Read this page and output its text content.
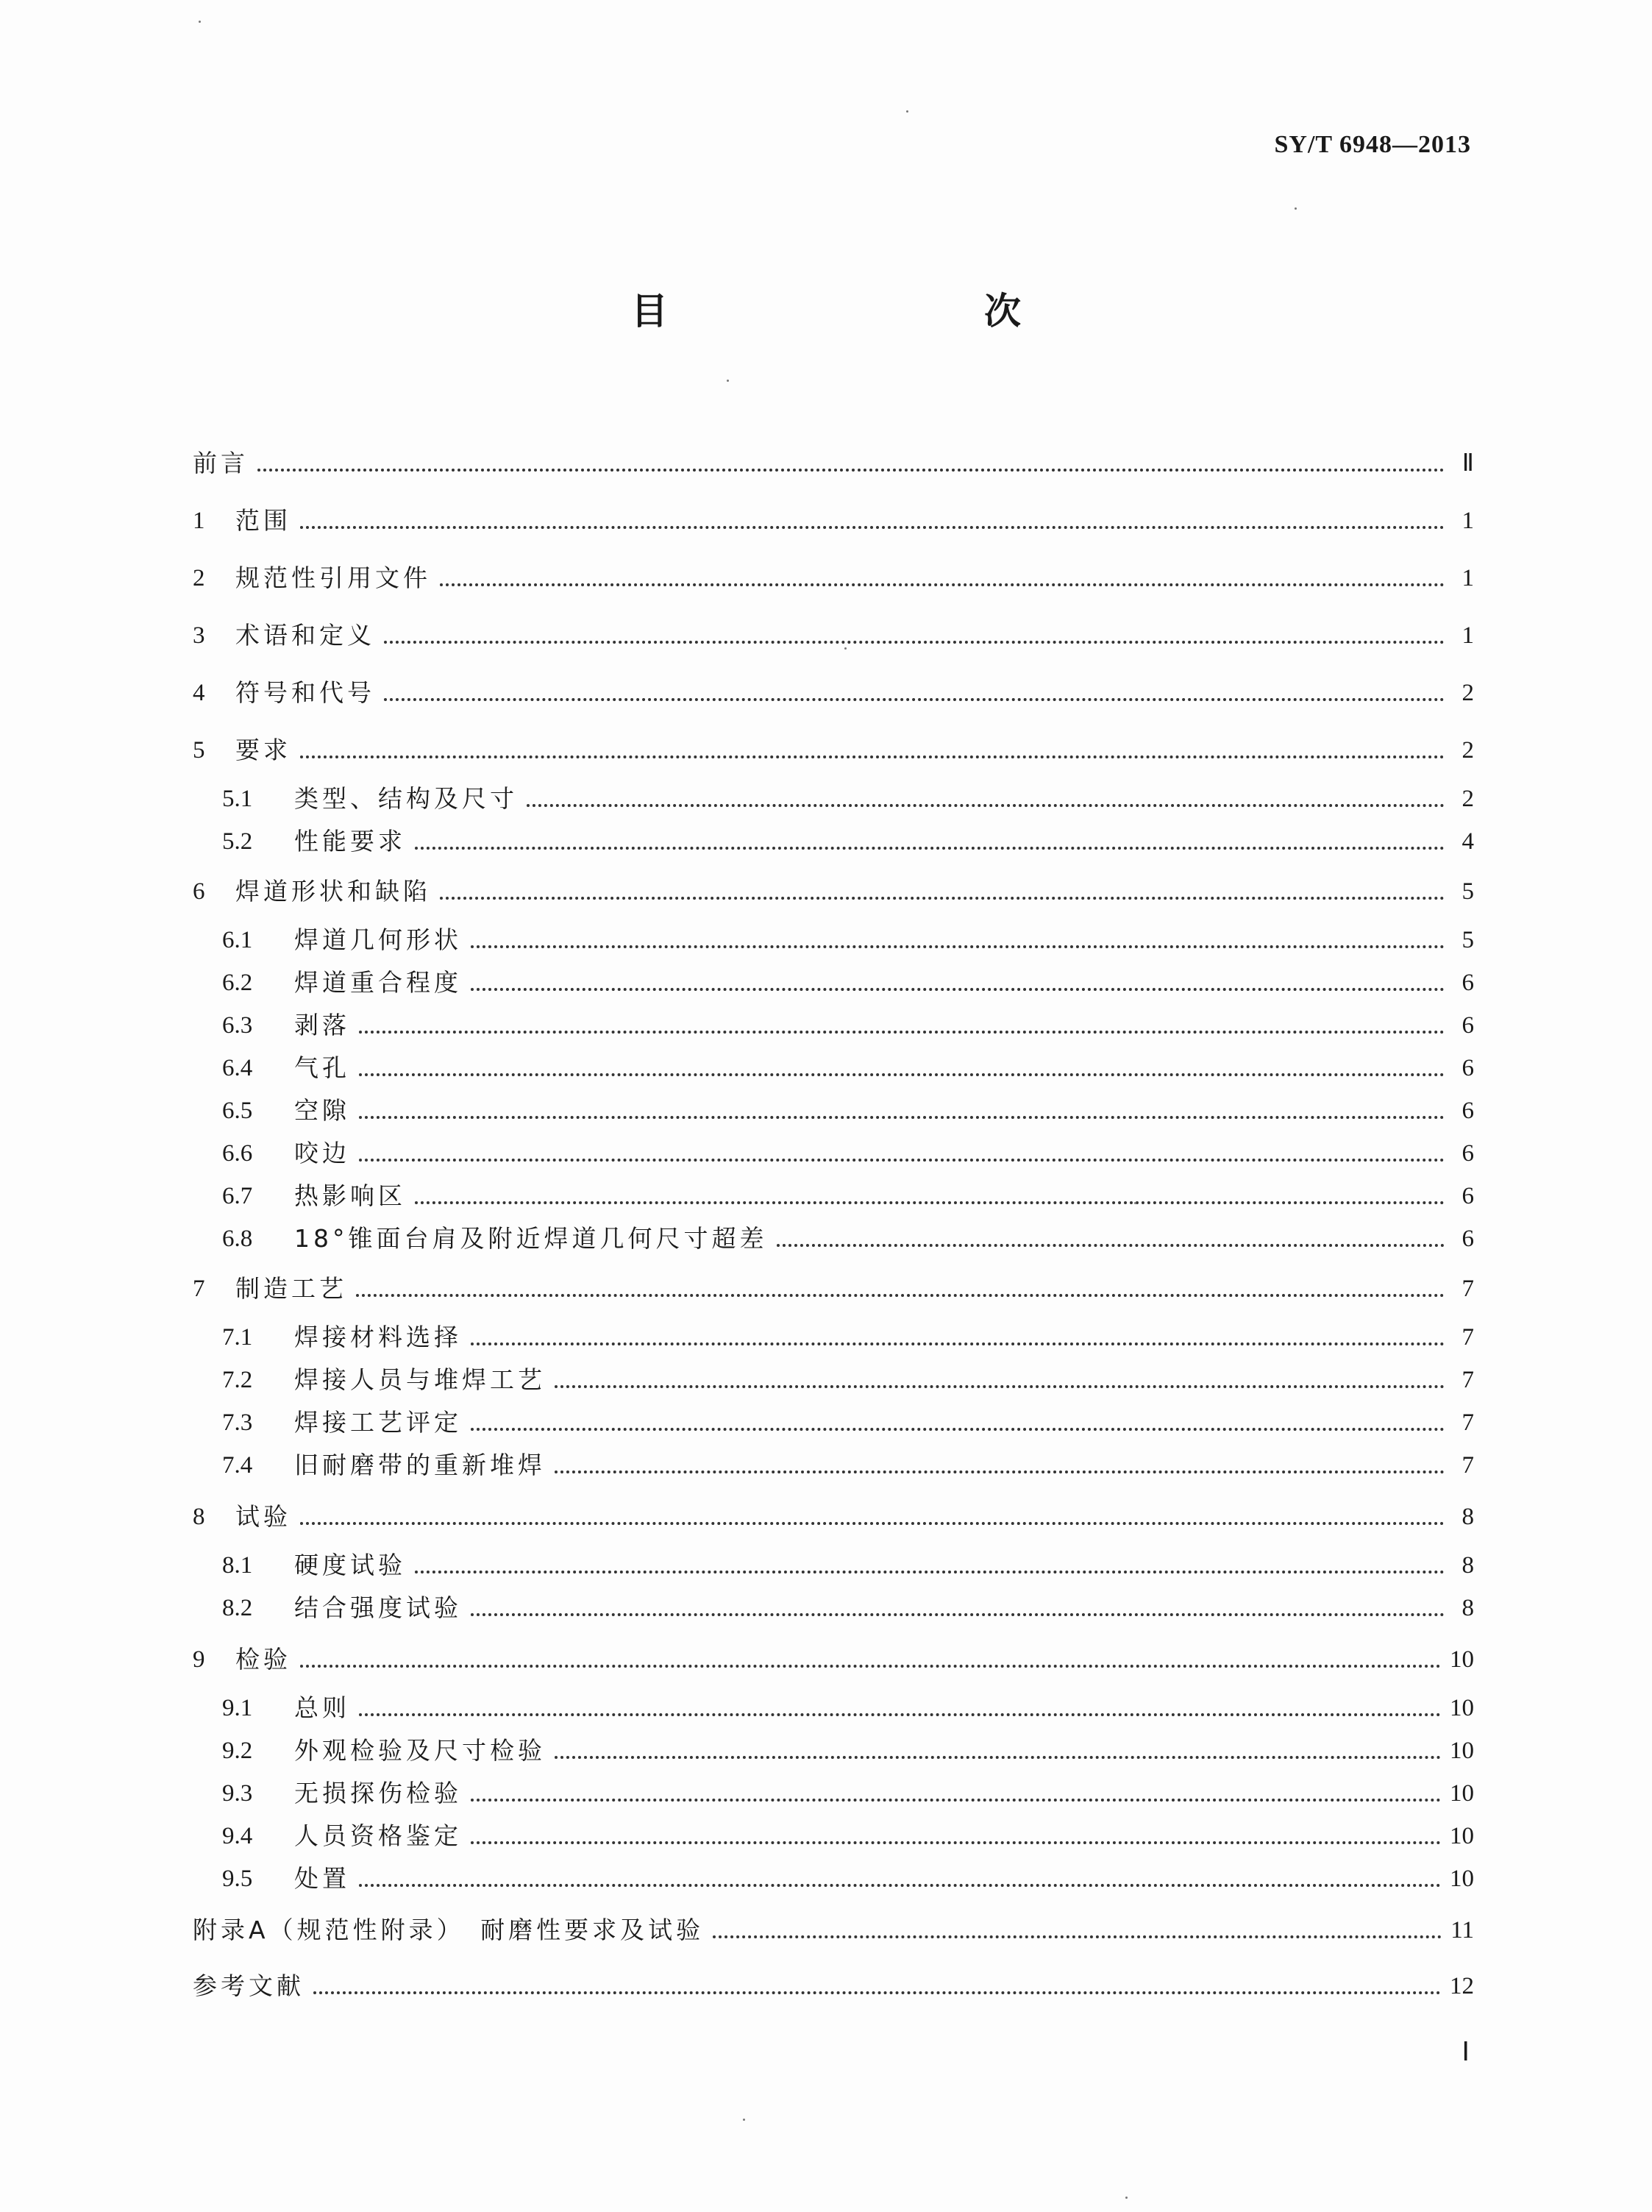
SY/T 6948—2013
目　　次
前言	Ⅱ
1	范围	1
2	规范性引用文件	1
3	术语和定义	1
4	符号和代号	2
5	要求	2
5.1	类型、结构及尺寸	2
5.2	性能要求	4
6	焊道形状和缺陷	5
6.1	焊道几何形状	5
6.2	焊道重合程度	6
6.3	剥落	6
6.4	气孔	6
6.5	空隙	6
6.6	咬边	6
6.7	热影响区	6
6.8	18°锥面台肩及附近焊道几何尺寸超差	6
7	制造工艺	7
7.1	焊接材料选择	7
7.2	焊接人员与堆焊工艺	7
7.3	焊接工艺评定	7
7.4	旧耐磨带的重新堆焊	7
8	试验	8
8.1	硬度试验	8
8.2	结合强度试验	8
9	检验	10
9.1	总则	10
9.2	外观检验及尺寸检验	10
9.3	无损探伤检验	10
9.4	人员资格鉴定	10
9.5	处置	10
附录A（规范性附录）　耐磨性要求及试验	11
参考文献	12
Ⅰ
